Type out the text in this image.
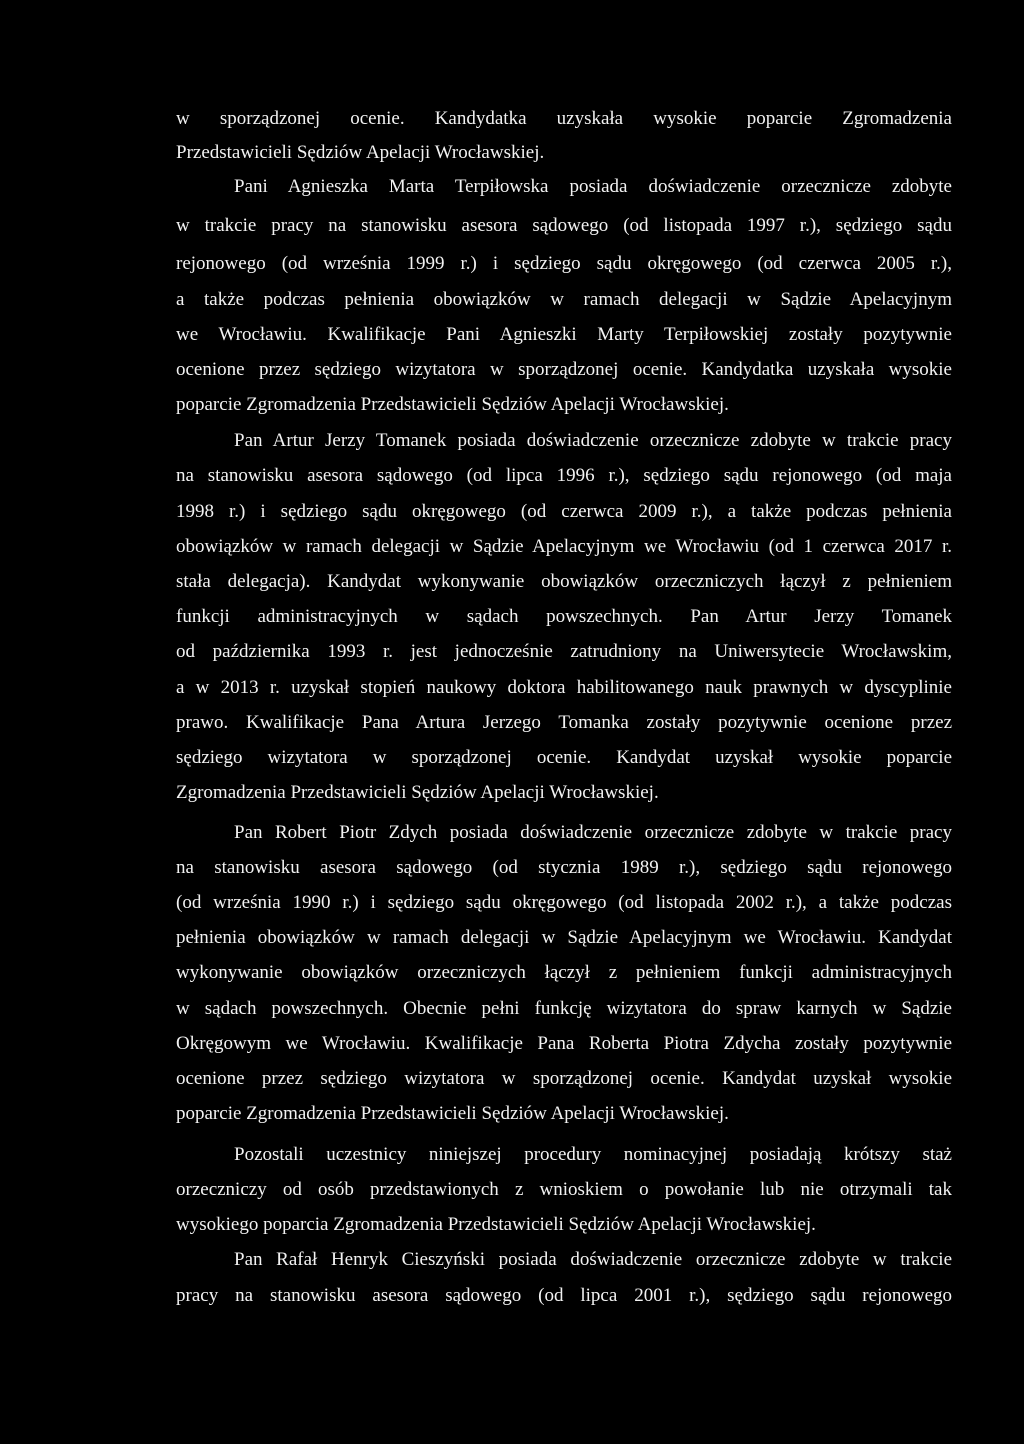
w sporządzonej ocenie. Kandydatka uzyskała wysokie poparcie Zgromadzenia
Przedstawicieli Sędziów Apelacji Wrocławskiej.
Pani Agnieszka Marta Terpiłowska posiada doświadczenie orzecznicze zdobyte
w trakcie pracy na stanowisku asesora sądowego (od listopada 1997 r.), sędziego sądu
rejonowego (od września 1999 r.) i sędziego sądu okręgowego (od czerwca 2005 r.),
a także podczas pełnienia obowiązków w ramach delegacji w Sądzie Apelacyjnym
we Wrocławiu. Kwalifikacje Pani Agnieszki Marty Terpiłowskiej zostały pozytywnie
ocenione przez sędziego wizytatora w sporządzonej ocenie. Kandydatka uzyskała wysokie
poparcie Zgromadzenia Przedstawicieli Sędziów Apelacji Wrocławskiej.
Pan Artur Jerzy Tomanek posiada doświadczenie orzecznicze zdobyte w trakcie pracy
na stanowisku asesora sądowego (od lipca 1996 r.), sędziego sądu rejonowego (od maja
1998 r.) i sędziego sądu okręgowego (od czerwca 2009 r.), a także podczas pełnienia
obowiązków w ramach delegacji w Sądzie Apelacyjnym we Wrocławiu (od 1 czerwca 2017 r.
stała delegacja). Kandydat wykonywanie obowiązków orzeczniczych łączył z pełnieniem
funkcji administracyjnych w sądach powszechnych. Pan Artur Jerzy Tomanek
od października 1993 r. jest jednocześnie zatrudniony na Uniwersytecie Wrocławskim,
a w 2013 r. uzyskał stopień naukowy doktora habilitowanego nauk prawnych w dyscyplinie
prawo. Kwalifikacje Pana Artura Jerzego Tomanka zostały pozytywnie ocenione przez
sędziego wizytatora w sporządzonej ocenie. Kandydat uzyskał wysokie poparcie
Zgromadzenia Przedstawicieli Sędziów Apelacji Wrocławskiej.
Pan Robert Piotr Zdych posiada doświadczenie orzecznicze zdobyte w trakcie pracy
na stanowisku asesora sądowego (od stycznia 1989 r.), sędziego sądu rejonowego
(od września 1990 r.) i sędziego sądu okręgowego (od listopada 2002 r.), a także podczas
pełnienia obowiązków w ramach delegacji w Sądzie Apelacyjnym we Wrocławiu. Kandydat
wykonywanie obowiązków orzeczniczych łączył z pełnieniem funkcji administracyjnych
w sądach powszechnych. Obecnie pełni funkcję wizytatora do spraw karnych w Sądzie
Okręgowym we Wrocławiu. Kwalifikacje Pana Roberta Piotra Zdycha zostały pozytywnie
ocenione przez sędziego wizytatora w sporządzonej ocenie. Kandydat uzyskał wysokie
poparcie Zgromadzenia Przedstawicieli Sędziów Apelacji Wrocławskiej.
Pozostali uczestnicy niniejszej procedury nominacyjnej posiadają krótszy staż
orzeczniczy od osób przedstawionych z wnioskiem o powołanie lub nie otrzymali tak
wysokiego poparcia Zgromadzenia Przedstawicieli Sędziów Apelacji Wrocławskiej.
Pan Rafał Henryk Cieszyński posiada doświadczenie orzecznicze zdobyte w trakcie
pracy na stanowisku asesora sądowego (od lipca 2001 r.), sędziego sądu rejonowego
